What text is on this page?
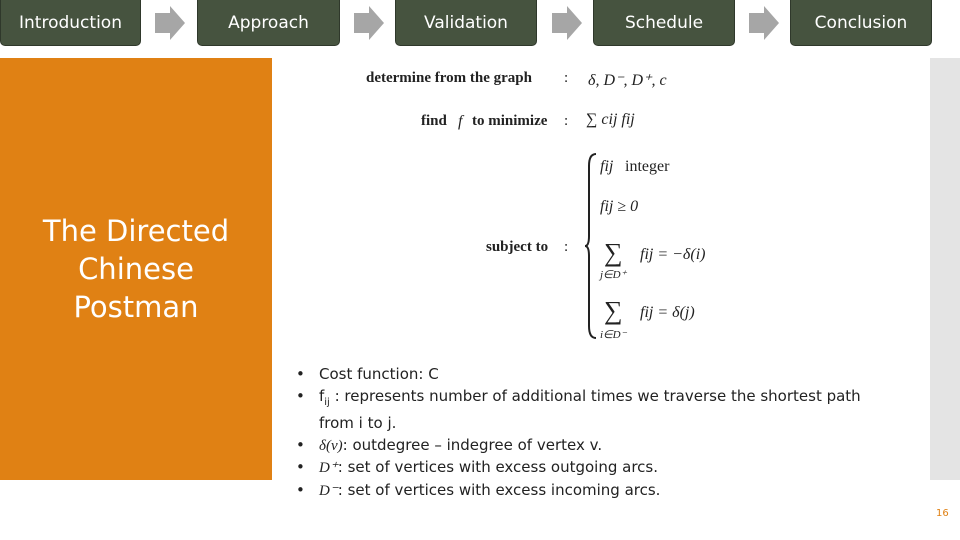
Introduction	Approach	Validation	Schedule	Conclusion
The Directed
Chinese
Postman
determine from the graph : δ, D⁻, D⁺, c
find f to minimize : ∑ cij fij
subject to :
fij integer
fij ≥ 0
∑
j∈D⁺
fij = −δ(i)
∑
i∈D⁻
fij = δ(j)
• Cost function: C
• $f_{ij}$ : represents number of additional times we traverse the shortest path
from i to j.
• δ(v): outdegree – indegree of vertex v.
• D⁺: set of vertices with excess outgoing arcs.
• D⁻: set of vertices with excess incoming arcs.
16
